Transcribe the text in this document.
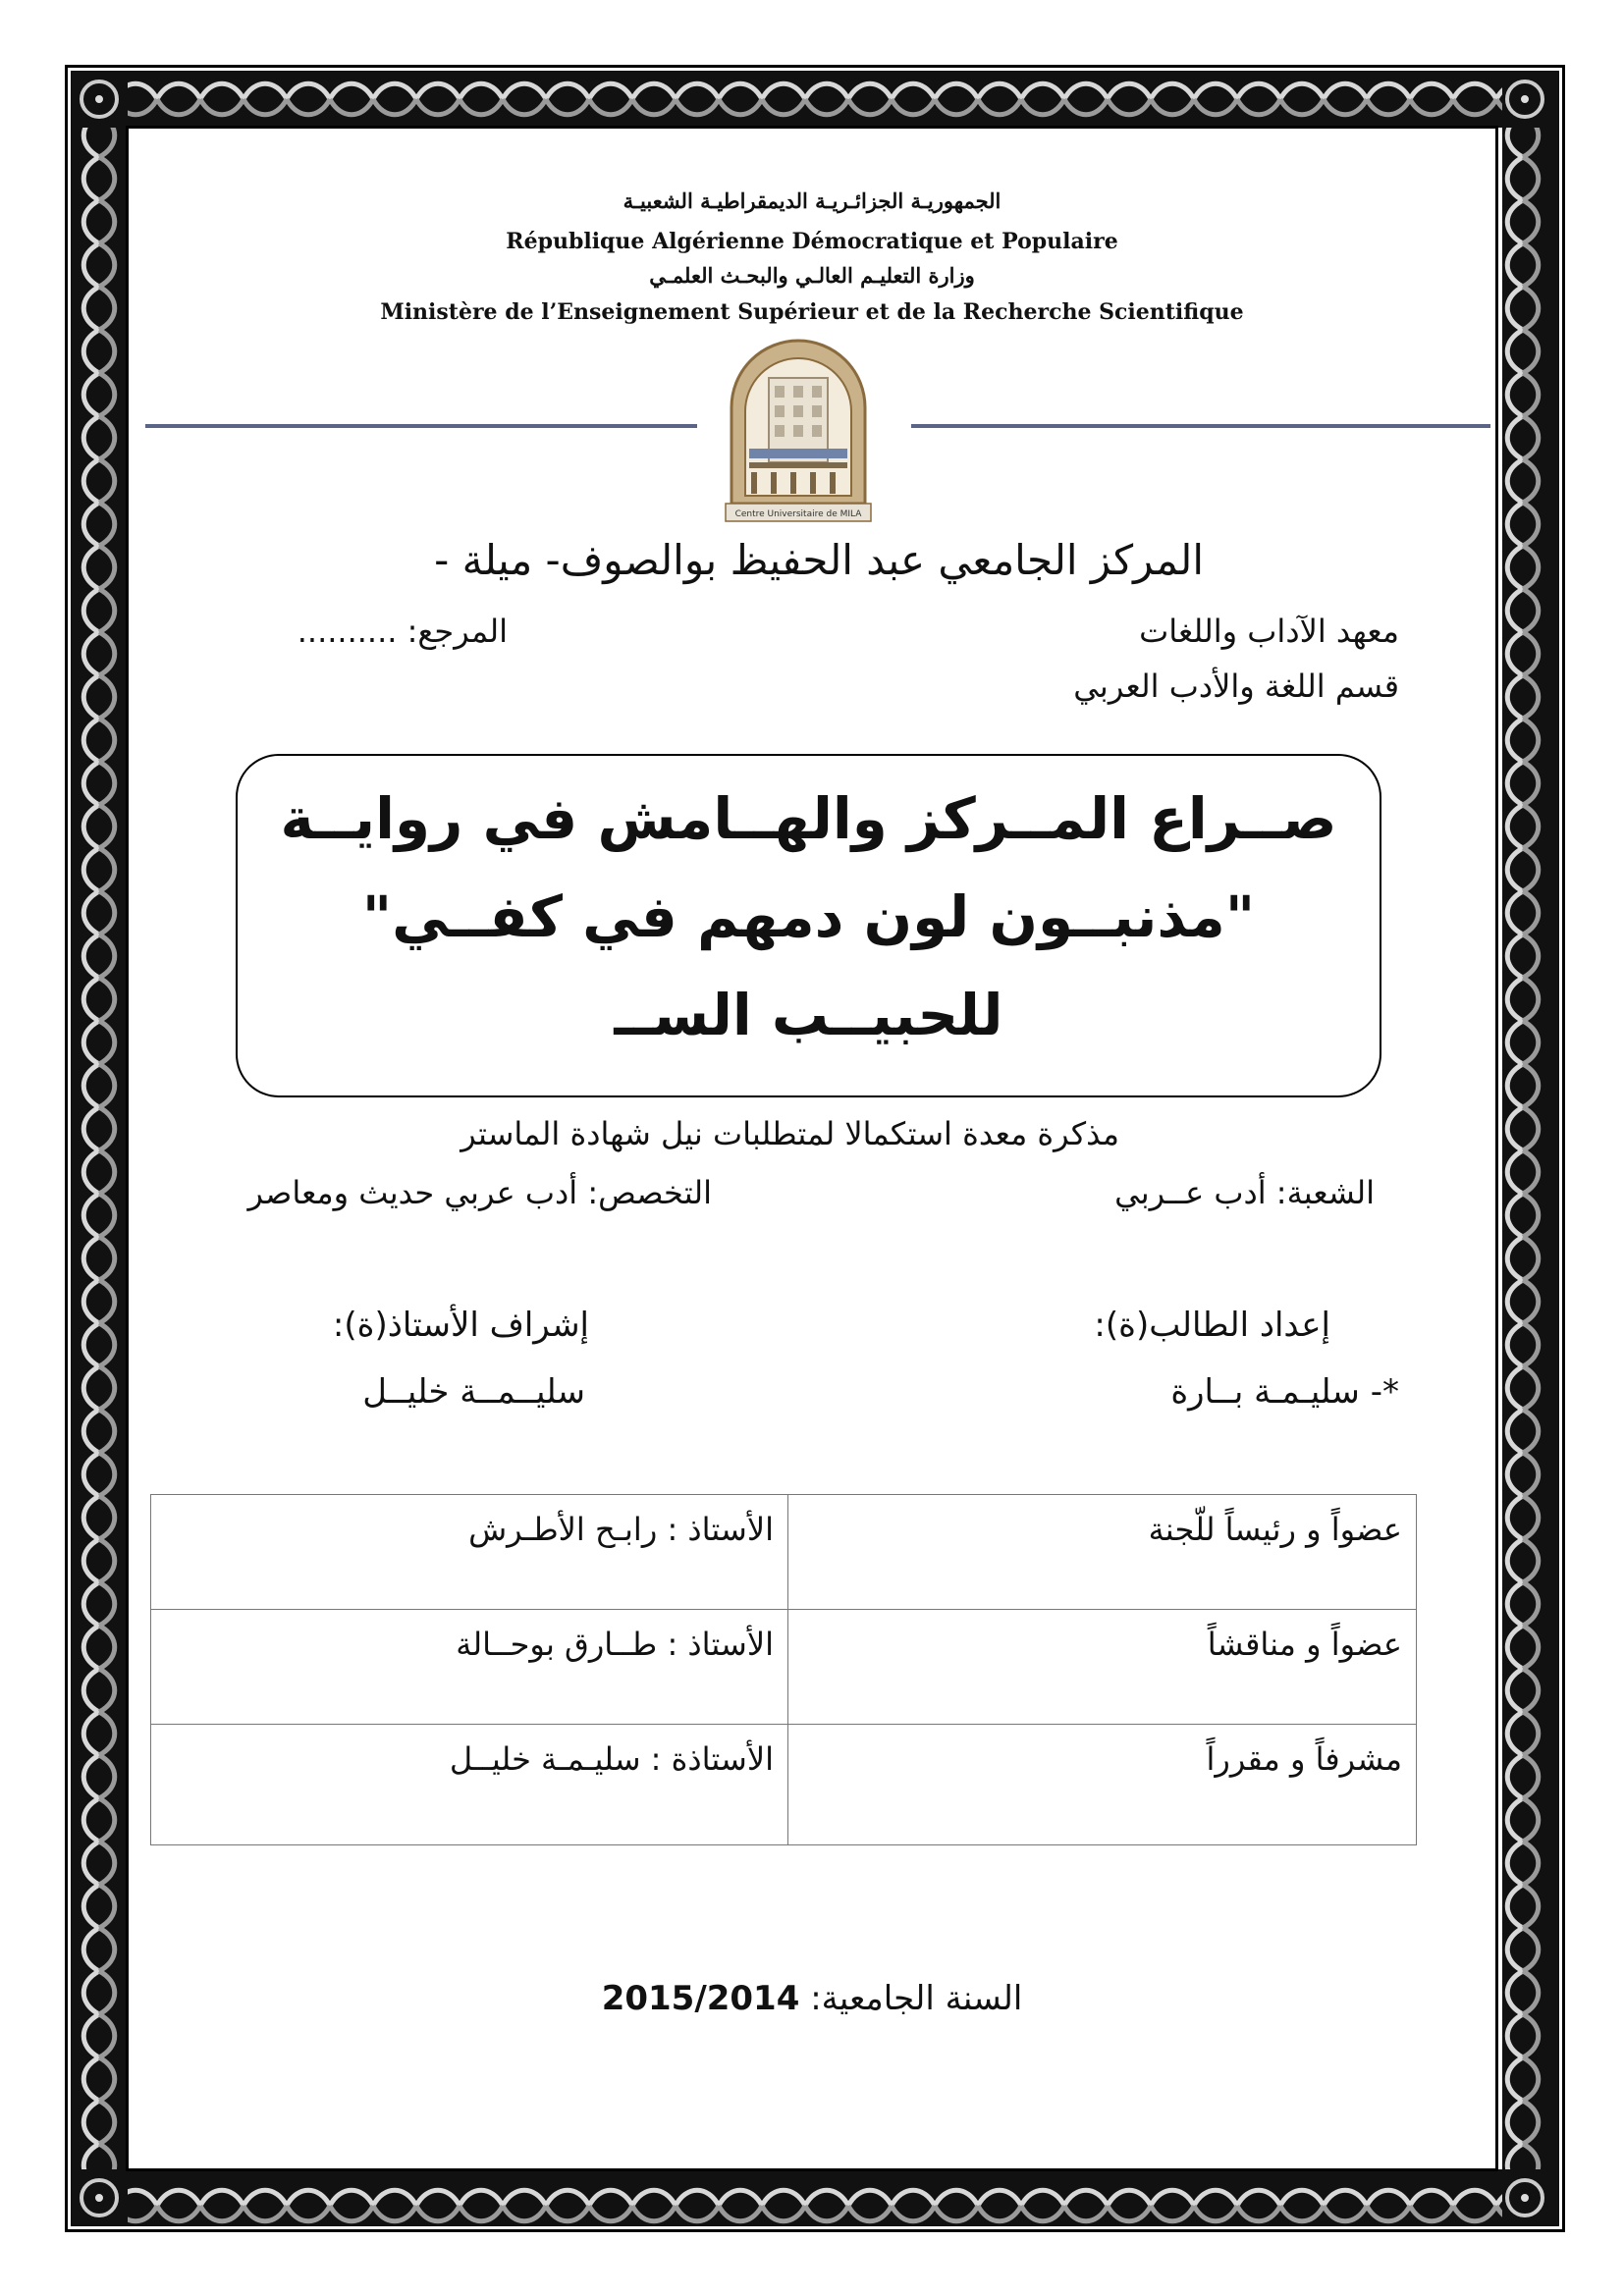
الجمهوريـة الجزائـريـة الديمقراطيـة الشعبيـة
République Algérienne Démocratique et Populaire
وزارة التعليـم العالـي والبحـث العلمـي
Ministère de l’Enseignement Supérieur et de la Recherche Scientifique
Centre Universitaire de MILA
المركز الجامعي عبد الحفيظ بوالصوف- ميلة -
معهد الآداب واللغات
المرجع: ..........
قسم اللغة والأدب العربي
صــراع المــركز والهــامش في روايــة
"مذنبــون لون دمهم في كفــي"
للحبيــب الســ
مذكرة معدة استكمالا لمتطلبات نيل شهادة الماستر
الشعبة: أدب عــربي
التخصص: أدب عربي حديث ومعاصر
إعداد الطالب(ة):
إشراف الأستاذ(ة):
*- سليـمـة بــارة
سليــمــة خليــل
الأستاذ : رابـح الأطـرش	عضواً و رئيساً للّجنة
الأستاذ : طــارق بوحــالة	عضواً و مناقشاً
الأستاذة : سليـمـة خليــل	مشرفاً و مقرراً
السنة الجامعية: 2015/2014
